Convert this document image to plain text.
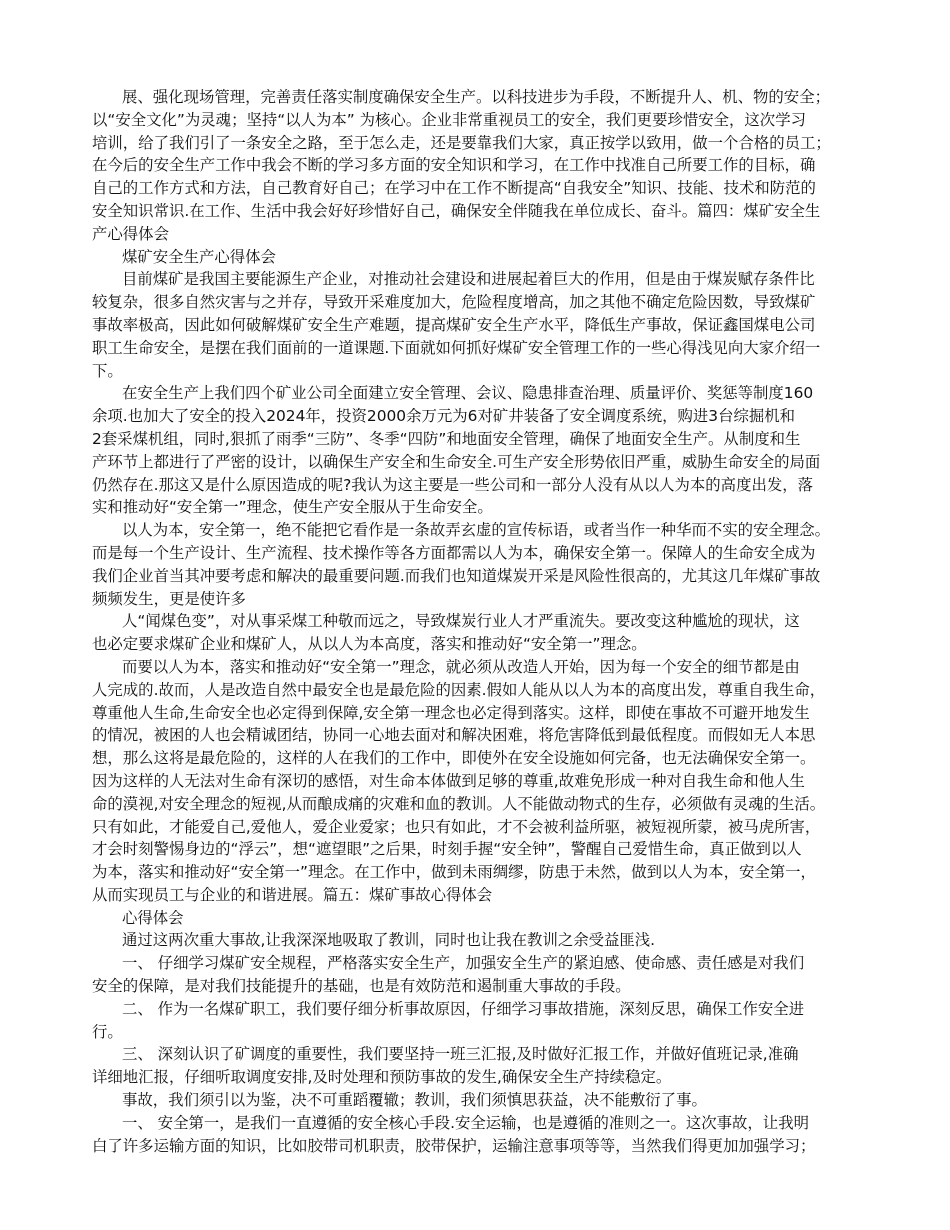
展、强化现场管理，完善责任落实制度确保安全生产。以科技进步为手段，不断提升人、机、物的安全；
以“安全文化”为灵魂；坚持“以人为本” 为核心。企业非常重视员工的安全，我们更要珍惜安全，这次学习
培训，给了我们引了一条安全之路，至于怎么走，还是要靠我们大家，真正按学以致用，做一个合格的员工；
在今后的安全生产工作中我会不断的学习多方面的安全知识和学习，在工作中找准自己所要工作的目标，确
自己的工作方式和方法，自己教育好自己；在学习中在工作不断提高“自我安全”知识、技能、技术和防范的
安全知识常识.在工作、生活中我会好好珍惜好自己，确保安全伴随我在单位成长、奋斗。篇四：煤矿安全生
产心得体会
煤矿安全生产心得体会
目前煤矿是我国主要能源生产企业，对推动社会建设和进展起着巨大的作用，但是由于煤炭赋存条件比
较复杂，很多自然灾害与之并存，导致开采难度加大，危险程度增高，加之其他不确定危险因数，导致煤矿
事故率极高，因此如何破解煤矿安全生产难题，提高煤矿安全生产水平，降低生产事故，保证鑫国煤电公司
职工生命安全，是摆在我们面前的一道课题.下面就如何抓好煤矿安全管理工作的一些心得浅见向大家介绍一
下。
在安全生产上我们四个矿业公司全面建立安全管理、会议、隐患排查治理、质量评价、奖惩等制度160
余项.也加大了安全的投入2024年，投资2000余万元为6对矿井装备了安全调度系统，购进3台综掘机和
2套采煤机组，同时,狠抓了雨季“三防”、冬季“四防”和地面安全管理，确保了地面安全生产。从制度和生
产环节上都进行了严密的设计，以确保生产安全和生命安全.可生产安全形势依旧严重，威胁生命安全的局面
仍然存在.那这又是什么原因造成的呢?我认为这主要是一些公司和一部分人没有从以人为本的高度出发，落
实和推动好“安全第一”理念，使生产安全服从于生命安全。
以人为本，安全第一，绝不能把它看作是一条故弄玄虚的宣传标语，或者当作一种华而不实的安全理念。
而是每一个生产设计、生产流程、技术操作等各方面都需以人为本，确保安全第一。保障人的生命安全成为
我们企业首当其冲要考虑和解决的最重要问题.而我们也知道煤炭开采是风险性很高的，尤其这几年煤矿事故
频频发生，更是使许多
人“闻煤色变”，对从事采煤工种敬而远之，导致煤炭行业人才严重流失。要改变这种尴尬的现状，这
也必定要求煤矿企业和煤矿人，从以人为本高度，落实和推动好“安全第一”理念。
而要以人为本，落实和推动好“安全第一”理念，就必须从改造人开始，因为每一个安全的细节都是由
人完成的.故而，人是改造自然中最安全也是最危险的因素.假如人能从以人为本的高度出发，尊重自我生命，
尊重他人生命,生命安全也必定得到保障,安全第一理念也必定得到落实。这样，即使在事故不可避开地发生
的情况，被困的人也会精诚团结，协同一心地去面对和解决困难，将危害降低到最低程度。而假如无人本思
想，那么这将是最危险的，这样的人在我们的工作中，即使外在安全设施如何完备，也无法确保安全第一。
因为这样的人无法对生命有深切的感悟，对生命本体做到足够的尊重,故难免形成一种对自我生命和他人生
命的漠视,对安全理念的短视,从而酿成痛的灾难和血的教训。人不能做动物式的生存，必须做有灵魂的生活。
只有如此，才能爱自己,爱他人，爱企业爱家；也只有如此，才不会被利益所驱，被短视所蒙，被马虎所害，
才会时刻警惕身边的“浮云”，想“遮望眼”之后果，时刻手握“安全钟”，警醒自己爱惜生命，真正做到以人
为本，落实和推动好“安全第一”理念。在工作中，做到未雨绸缪，防患于未然，做到以人为本，安全第一，
从而实现员工与企业的和谐进展。篇五：煤矿事故心得体会
心得体会
通过这两次重大事故,让我深深地吸取了教训，同时也让我在教训之余受益匪浅.
一、 仔细学习煤矿安全规程，严格落实安全生产，加强安全生产的紧迫感、使命感、责任感是对我们
安全的保障，是对我们技能提升的基础，也是有效防范和遏制重大事故的手段。
二、 作为一名煤矿职工，我们要仔细分析事故原因，仔细学习事故措施，深刻反思，确保工作安全进
行。
三、 深刻认识了矿调度的重要性，我们要坚持一班三汇报,及时做好汇报工作，并做好值班记录,准确
详细地汇报，仔细听取调度安排,及时处理和预防事故的发生,确保安全生产持续稳定。
事故，我们须引以为鉴，决不可重蹈覆辙；教训，我们须慎思获益，决不能敷衍了事。
一、 安全第一，是我们一直遵循的安全核心手段.安全运输，也是遵循的准则之一。这次事故，让我明
白了许多运输方面的知识，比如胶带司机职责，胶带保护，运输注意事项等等，当然我们得更加加强学习；
